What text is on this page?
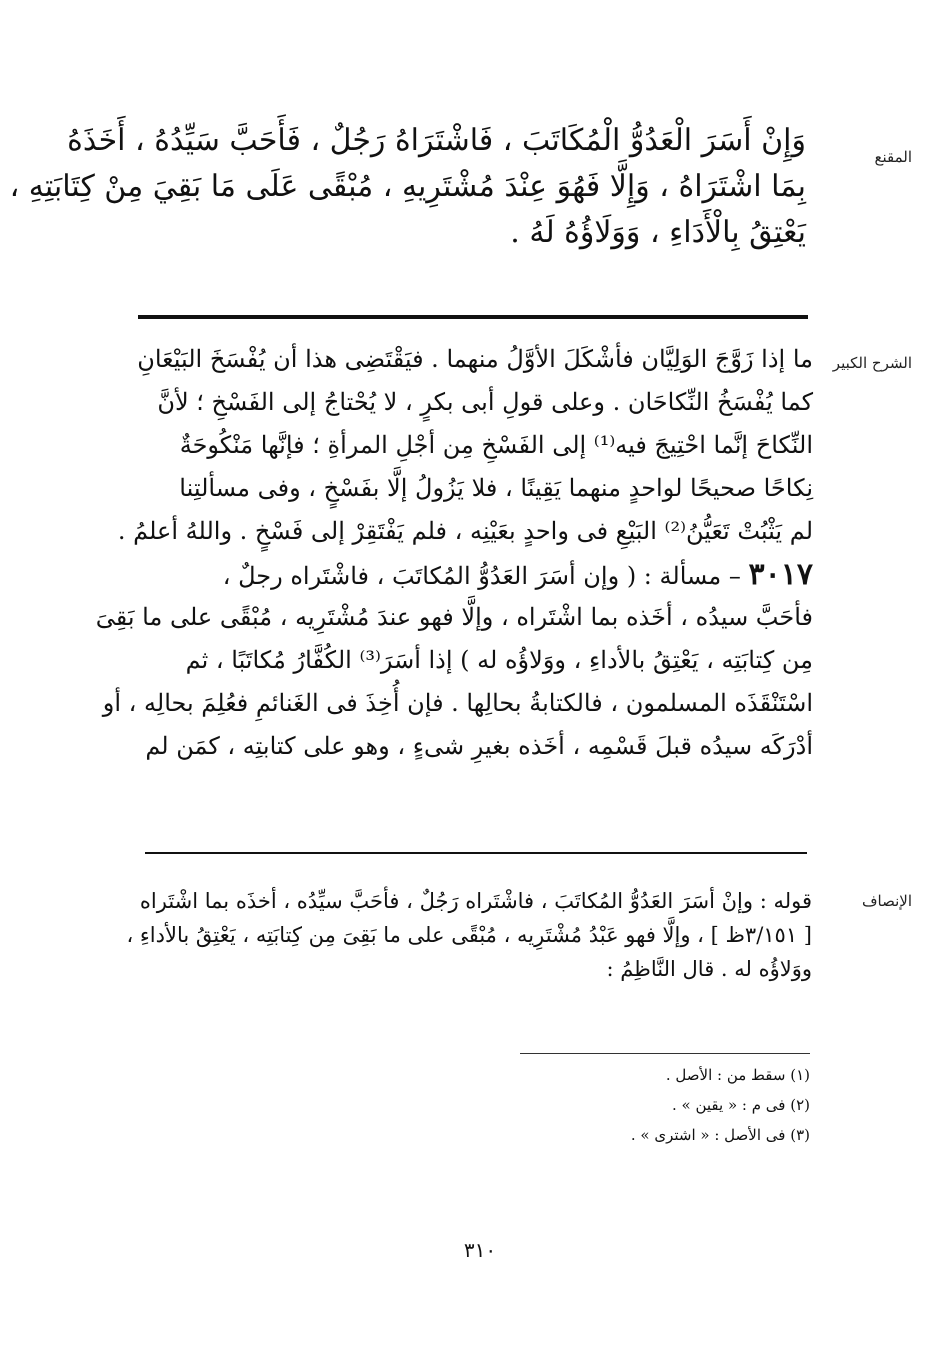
المقنع
وَإِنْ أَسَرَ الْعَدُوُّ الْمُكَاتَبَ ، فَاشْتَرَاهُ رَجُلٌ ، فَأَحَبَّ سَيِّدُهُ ، أَخَذَهُ
بِمَا اشْتَرَاهُ ، وَإِلَّا فَهُوَ عِنْدَ مُشْتَرِيهِ ، مُبْقًى عَلَى مَا بَقِيَ مِنْ كِتَابَتِهِ ،
يَعْتِقُ بِالْأَدَاءِ ، وَوَلَاؤُهُ لَهُ .
الشرح الكبير
ما إذا زَوَّجَ الوَلِيَّان فأشْكَلَ الأوَّلُ منهما . فيَقْتَضِى هذا أن يُفْسَخَ البَيْعَانِ
كما يُفْسَخُ النِّكاحَان . وعلى قولِ أبى بكرٍ ، لا يُحْتاجُ إلى الفَسْخِ ؛ لأنَّ
النِّكاحَ إنَّما احْتِيجَ فيه⁽¹⁾ إلى الفَسْخِ مِن أجْلِ المرأةِ ؛ فإنَّها مَنْكُوحَةٌ
نِكاحًا صحيحًا لواحدٍ منهما يَقِينًا ، فلا يَزُولُ إلَّا بفَسْخٍ ، وفى مسألتِنا
لم يَثْبُتْ تَعَيُّنُ⁽²⁾ البَيْعِ فى واحدٍ بعَيْنِه ، فلم يَفْتَقِرْ إلى فَسْخٍ . واللهُ أعلمُ .
٣٠١٧ – مسألة : ( وإن أسَرَ العَدُوُّ المُكاتَبَ ، فاشْتَراه رجلٌ ،
فأحَبَّ سيدُه ، أخَذه بما اشْتَراه ، وإلَّا فهو عندَ مُشْتَرِيه ، مُبْقًى على ما بَقِىَ
مِن كِتابَتِه ، يَعْتِقُ بالأداءِ ، ووَلاؤُه له ) إذا أسَرَ⁽³⁾ الكُفَّارُ مُكاتَبًا ، ثم
اسْتَنْقَذَه المسلمون ، فالكتابةُ بحالِها . فإن أُخِذَ فى الغَنائمِ فعُلِمَ بحالِه ، أو
أدْرَكَه سيدُه قبلَ قَسْمِه ، أخَذه بغيرِ شىءٍ ، وهو على كتابتِه ، كمَن لم
الإنصاف
قوله : وإنْ أسَرَ العَدُوُّ المُكاتَبَ ، فاشْتَراه رَجُلٌ ، فأحَبَّ سيِّدُه ، أخذَه بما اشْتَراه
[ ٣/١٥١ظ ] ، وإلَّا فهو عَبْدُ مُشْتَرِيه ، مُبْقًى على ما بَقِىَ مِن كِتابَتِه ، يَعْتِقُ بالأداءِ ،
ووَلاؤُه له . قال النَّاظِمُ :
(١) سقط من : الأصل .
(٢) فى م : « يقين » .
(٣) فى الأصل : « اشترى » .
٣١٠
